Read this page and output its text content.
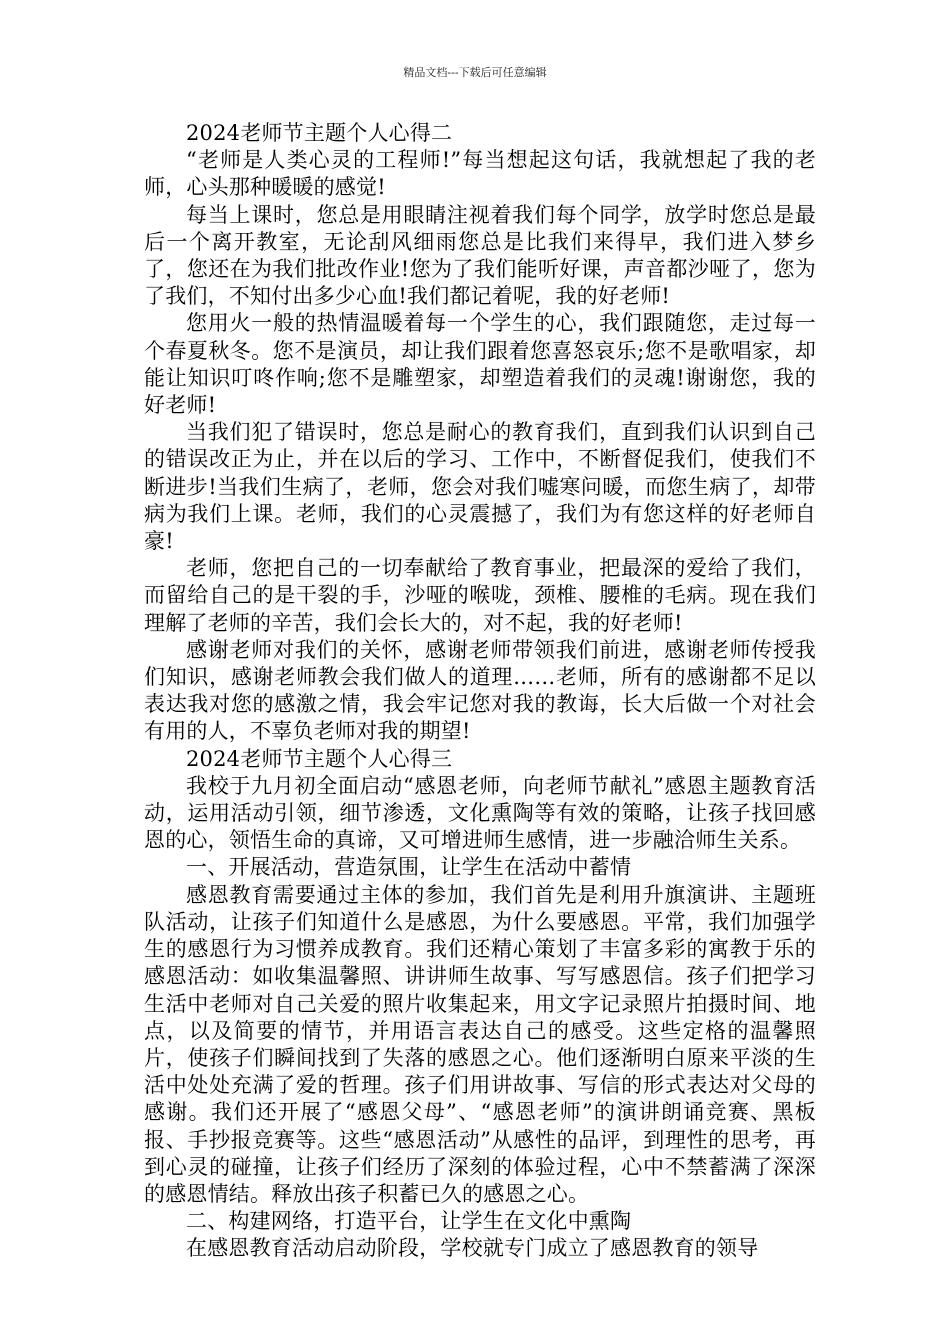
精品文档---下载后可任意编辑

2024老师节主题个人心得二

“老师是人类心灵的工程师!”每当想起这句话，我就想起了我的老师，心头那种暖暖的感觉!

每当上课时，您总是用眼睛注视着我们每个同学，放学时您总是最后一个离开教室，无论刮风细雨您总是比我们来得早，我们进入梦乡了，您还在为我们批改作业!您为了我们能听好课，声音都沙哑了，您为了我们，不知付出多少心血!我们都记着呢，我的好老师!

您用火一般的热情温暖着每一个学生的心，我们跟随您，走过每一个春夏秋冬。您不是演员，却让我们跟着您喜怒哀乐;您不是歌唱家，却能让知识叮咚作响;您不是雕塑家，却塑造着我们的灵魂!谢谢您，我的好老师!

当我们犯了错误时，您总是耐心的教育我们，直到我们认识到自己的错误改正为止，并在以后的学习、工作中，不断督促我们，使我们不断进步!当我们生病了，老师，您会对我们嘘寒问暖，而您生病了，却带病为我们上课。老师，我们的心灵震撼了，我们为有您这样的好老师自豪!

老师，您把自己的一切奉献给了教育事业，把最深的爱给了我们，而留给自己的是干裂的手，沙哑的喉咙，颈椎、腰椎的毛病。现在我们理解了老师的辛苦，我们会长大的，对不起，我的好老师!

感谢老师对我们的关怀，感谢老师带领我们前进，感谢老师传授我们知识，感谢老师教会我们做人的道理……老师，所有的感谢都不足以表达我对您的感激之情，我会牢记您对我的教诲，长大后做一个对社会有用的人，不辜负老师对我的期望!

2024老师节主题个人心得三

我校于九月初全面启动“感恩老师，向老师节献礼”感恩主题教育活动，运用活动引领，细节渗透，文化熏陶等有效的策略，让孩子找回感恩的心，领悟生命的真谛，又可增进师生感情，进一步融洽师生关系。

一、开展活动，营造氛围，让学生在活动中蓄情

感恩教育需要通过主体的参加，我们首先是利用升旗演讲、主题班队活动，让孩子们知道什么是感恩，为什么要感恩。平常，我们加强学生的感恩行为习惯养成教育。我们还精心策划了丰富多彩的寓教于乐的感恩活动：如收集温馨照、讲讲师生故事、写写感恩信。孩子们把学习生活中老师对自己关爱的照片收集起来，用文字记录照片拍摄时间、地点，以及简要的情节，并用语言表达自己的感受。这些定格的温馨照片，使孩子们瞬间找到了失落的感恩之心。他们逐渐明白原来平淡的生活中处处充满了爱的哲理。孩子们用讲故事、写信的形式表达对父母的感谢。我们还开展了“感恩父母”、“感恩老师”的演讲朗诵竞赛、黑板报、手抄报竞赛等。这些“感恩活动”从感性的品评，到理性的思考，再到心灵的碰撞，让孩子们经历了深刻的体验过程，心中不禁蓄满了深深的感恩情结。释放出孩子积蓄已久的感恩之心。

二、构建网络，打造平台，让学生在文化中熏陶

在感恩教育活动启动阶段，学校就专门成立了感恩教育的领导
